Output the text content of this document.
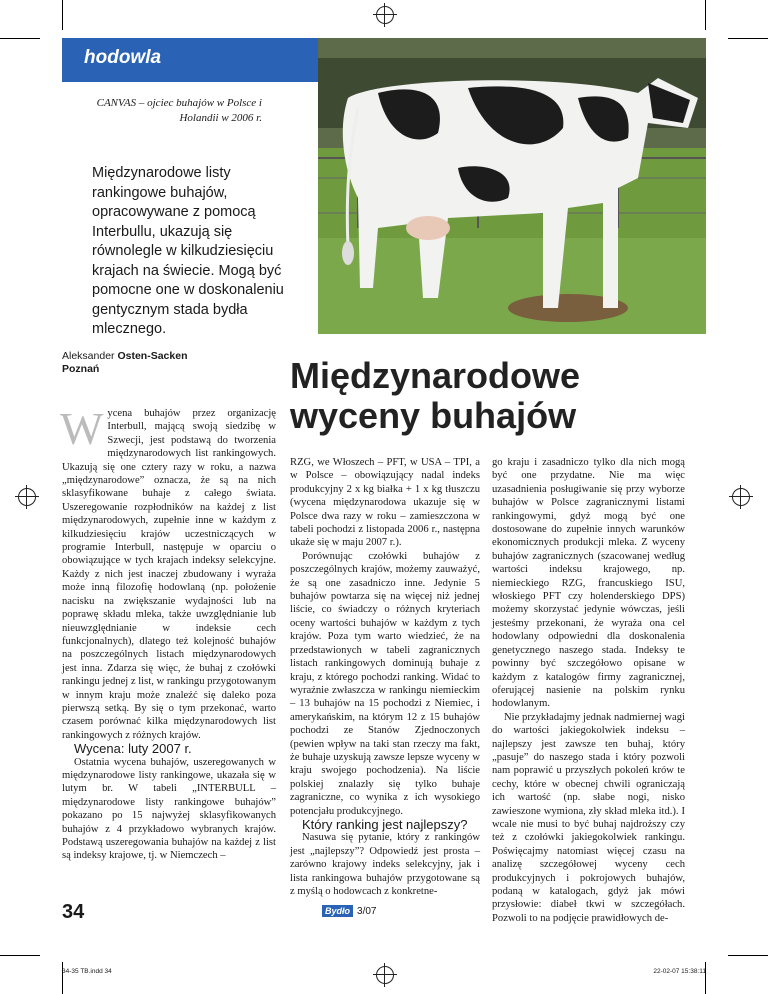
hodowla
CANVAS – ojciec buhajów w Polsce i Holandii w 2006 r.
Międzynarodowe listy rankingowe buhajów, opracowywane z pomocą Interbullu, ukazują się równolegle w kilkudziesięciu krajach na świecie. Mogą być pomocne one w doskonaleniu gentycznym stada bydła mlecznego.
Aleksander Osten-Sacken
Poznań	Międzynarodowe wyceny buhajów

Wycena buhajów przez organizację Interbull, mającą swoją siedzibę w Szwecji, jest podstawą do tworzenia międzynarodowych list rankingowych. Ukazują się one cztery razy w roku, a nazwa „międzynarodowe” oznacza, że są na nich sklasyfikowane buhaje z całego świata. Uszeregowanie rozpłodników na każdej z list międzynarodowych, zupełnie inne w każdym z kilkudziesięciu krajów uczestniczących w programie Interbull, następuje w oparciu o obowiązujące w tych krajach indeksy selekcyjne. Każdy z nich jest inaczej zbudowany i wyraża może inną filozofię hodowlaną (np. położenie nacisku na zwiększanie wydajności lub na poprawę składu mleka, także uwzględnianie lub nieuwzględnianie w indeksie cech funkcjonalnych), dlatego też kolejność buhajów na poszczególnych listach międzynarodowych jest inna. Zdarza się więc, że buhaj z czołówki rankingu jednej z list, w rankingu przygotowanym w innym kraju może znaleźć się daleko poza pierwszą setką. By się o tym przekonać, warto czasem porównać kilka międzynarodowych list rankingowych z różnych krajów.

Wycena: luty 2007 r.

Ostatnia wycena buhajów, uszeregowanych w międzynarodowe listy rankingowe, ukazała się w lutym br. W tabeli „INTERBULL – międzynarodowe listy rankingowe buhajów” pokazano po 15 najwyżej sklasyfikowanych buhajów z 4 przykładowo wybranych krajów. Podstawą uszeregowania buhajów na każdej z list są indeksy krajowe, tj. w Niemczech –

RZG, we Włoszech – PFT, w USA – TPI, a w Polsce – obowiązujący nadal indeks produkcyjny 2 x kg białka + 1 x kg tłuszczu (wycena międzynarodowa ukazuje się w Polsce dwa razy w roku – zamieszczona w tabeli pochodzi z listopada 2006 r., następna ukaże się w maju 2007 r.).

Porównując czołówki buhajów z poszczególnych krajów, możemy zauważyć, że są one zasadniczo inne. Jedynie 5 buhajów powtarza się na więcej niż jednej liście, co świadczy o różnych kryteriach oceny wartości buhajów w każdym z tych krajów. Poza tym warto wiedzieć, że na przedstawionych w tabeli zagranicznych listach rankingowych dominują buhaje z kraju, z którego pochodzi ranking. Widać to wyraźnie zwłaszcza w rankingu niemieckim – 13 buhajów na 15 pochodzi z Niemiec, i amerykańskim, na którym 12 z 15 buhajów pochodzi ze Stanów Zjednoczonych (pewien wpływ na taki stan rzeczy ma fakt, że buhaje uzyskują zawsze lepsze wyceny w kraju swojego pochodzenia). Na liście polskiej znalazły się tylko buhaje zagraniczne, co wynika z ich wysokiego potencjału produkcyjnego.

Który ranking jest najlepszy?

Nasuwa się pytanie, który z rankingów jest „najlepszy”? Odpowiedź jest prosta – zarówno krajowy indeks selekcyjny, jak i lista rankingowa buhajów przygotowane są z myślą o hodowcach z konkretne-

go kraju i zasadniczo tylko dla nich mogą być one przydatne. Nie ma więc uzasadnienia posługiwanie się przy wyborze buhajów w Polsce zagranicznymi listami rankingowymi, gdyż mogą być one dostosowane do zupełnie innych warunków ekonomicznych produkcji mleka. Z wyceny buhajów zagranicznych (szacowanej według wartości indeksu krajowego, np. niemieckiego RZG, francuskiego ISU, włoskiego PFT czy holenderskiego DPS) możemy skorzystać jedynie wówczas, jeśli jesteśmy przekonani, że wyraża ona cel hodowlany odpowiedni dla doskonalenia genetycznego naszego stada. Indeksy te powinny być szczegółowo opisane w każdym z katalogów firmy zagranicznej, oferującej nasienie na polskim rynku hodowlanym.

Nie przykładajmy jednak nadmiernej wagi do wartości jakiegokolwiek indeksu – najlepszy jest zawsze ten buhaj, który „pasuje” do naszego stada i który pozwoli nam poprawić u przyszłych pokoleń krów te cechy, które w obecnej chwili ograniczają ich wartość (np. słabe nogi, nisko zawieszone wymiona, zły skład mleka itd.). I wcale nie musi to być buhaj najdroższy czy też z czołówki jakiegokolwiek rankingu. Poświęcajmy natomiast więcej czasu na analizę szczegółowej wyceny cech produkcyjnych i pokrojowych buhajów, podaną w katalogach, gdyż jak mówi przysłowie: diabeł tkwi w szczegółach. Pozwoli to na podjęcie prawidłowych de-

34	Bydło 3/07
34-35 TB.indd 34	22-02-07 15:38:11
